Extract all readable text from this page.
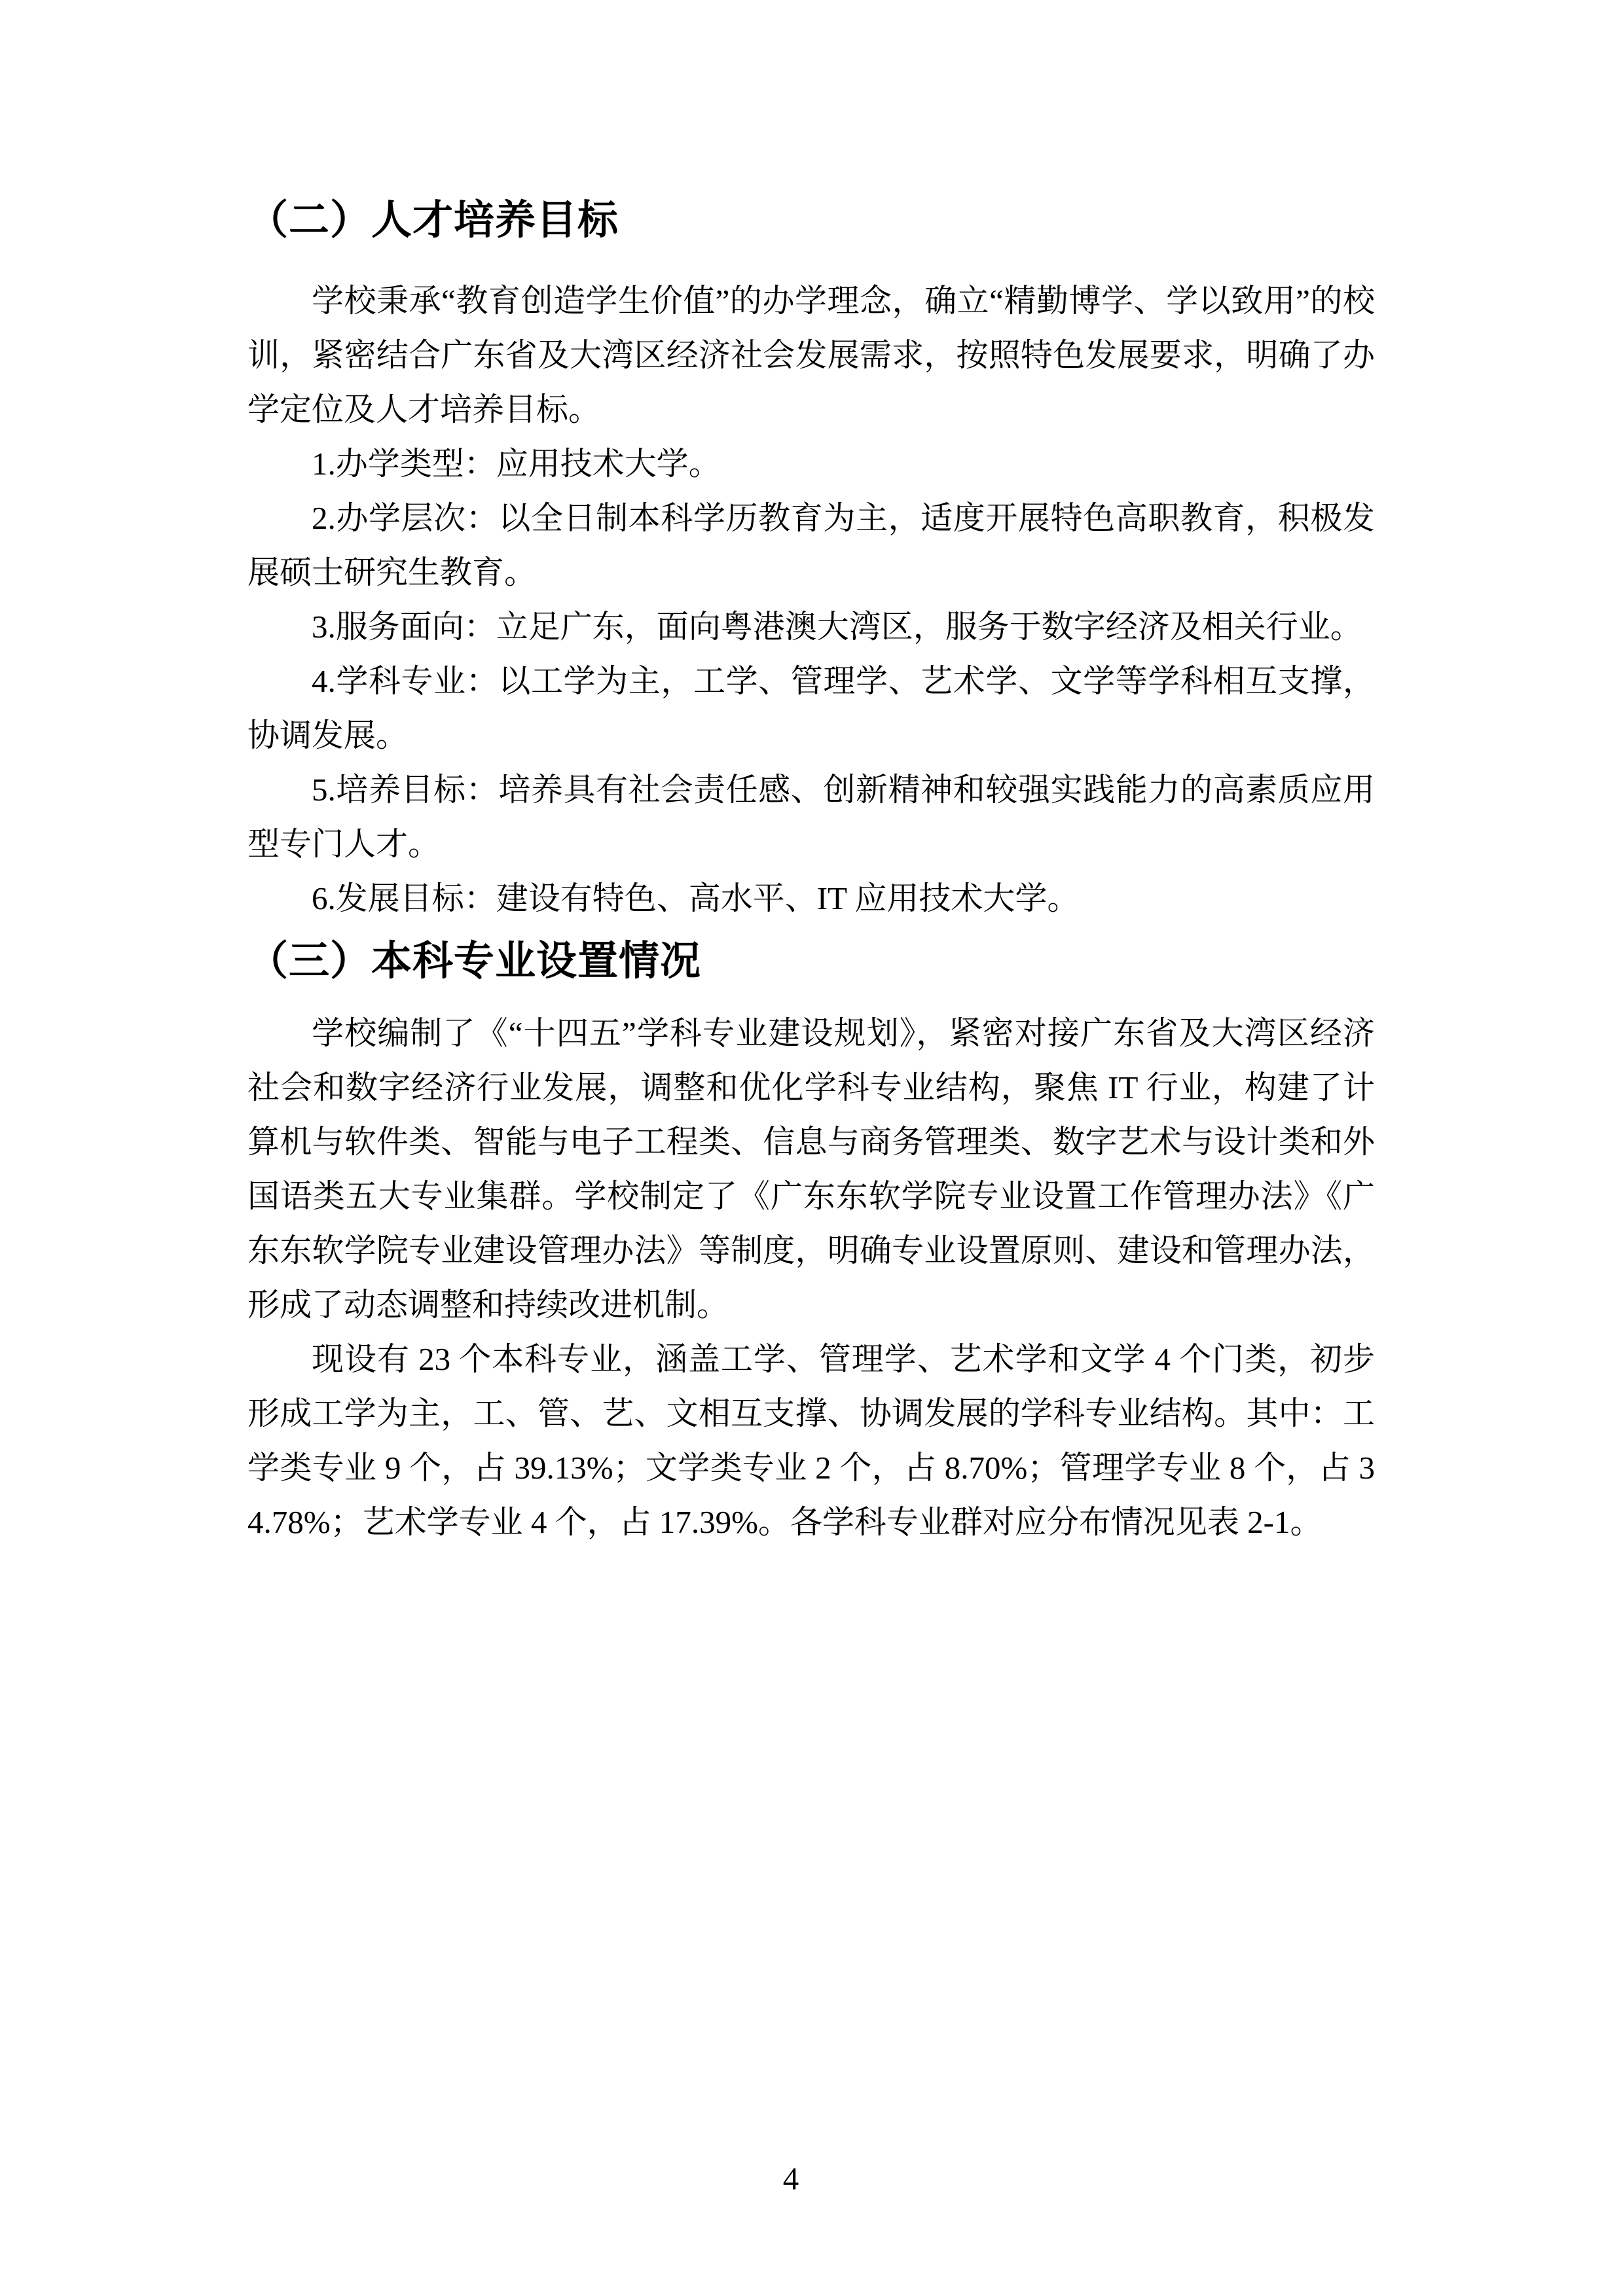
（二）人才培养目标

学校秉承“教育创造学生价值”的办学理念，确立“精勤博学、学以致用”的校训，紧密结合广东省及大湾区经济社会发展需求，按照特色发展要求，明确了办学定位及人才培养目标。

1.办学类型：应用技术大学。

2.办学层次：以全日制本科学历教育为主，适度开展特色高职教育，积极发展硕士研究生教育。

3.服务面向：立足广东，面向粤港澳大湾区，服务于数字经济及相关行业。

4.学科专业：以工学为主，工学、管理学、艺术学、文学等学科相互支撑，协调发展。

5.培养目标：培养具有社会责任感、创新精神和较强实践能力的高素质应用型专门人才。

6.发展目标：建设有特色、高水平、IT 应用技术大学。

（三）本科专业设置情况

学校编制了《“十四五”学科专业建设规划》，紧密对接广东省及大湾区经济社会和数字经济行业发展，调整和优化学科专业结构，聚焦 IT 行业，构建了计算机与软件类、智能与电子工程类、信息与商务管理类、数字艺术与设计类和外国语类五大专业集群。学校制定了《广东东软学院专业设置工作管理办法》《广东东软学院专业建设管理办法》等制度，明确专业设置原则、建设和管理办法，形成了动态调整和持续改进机制。

现设有 23 个本科专业，涵盖工学、管理学、艺术学和文学 4 个门类，初步形成工学为主，工、管、艺、文相互支撑、协调发展的学科专业结构。其中：工学类专业 9 个，占 39.13%；文学类专业 2 个，占 8.70%；管理学专业 8 个，占 34.78%；艺术学专业 4 个，占 17.39%。各学科专业群对应分布情况见表 2-1。

4
